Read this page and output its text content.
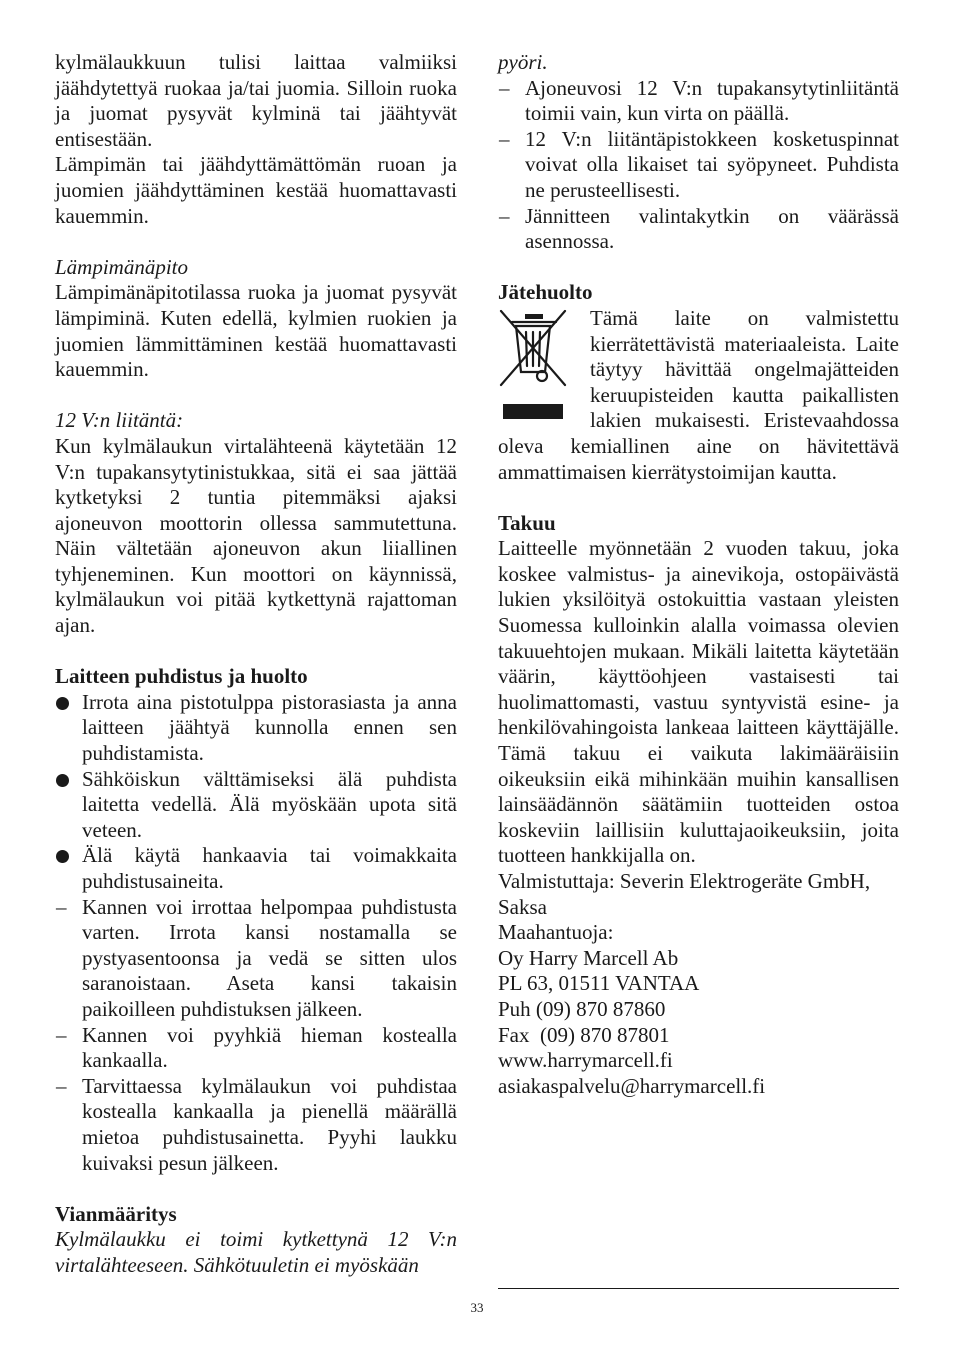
kylmälaukkuun tulisi laittaa valmiiksi jäähdytettyä ruokaa ja/tai juomia. Silloin ruoka ja juomat pysyvät kylminä tai jäähtyvät entisestään.

Lämpimän tai jäähdyttämättömän ruoan ja juomien jäähdyttäminen kestää huomattavasti kauemmin.

Lämpimänäpito

Lämpimänäpitotilassa ruoka ja juomat pysyvät lämpiminä. Kuten edellä, kylmien ruokien ja juomien lämmittäminen kestää huomattavasti kauemmin.

12 V:n liitäntä:

Kun kylmälaukun virtalähteenä käytetään 12 V:n tupakansytytinistukkaa, sitä ei saa jättää kytketyksi 2 tuntia pitemmäksi ajaksi ajoneuvon moottorin ollessa sammutettuna. Näin vältetään ajoneuvon akun liiallinen tyhjeneminen. Kun moottori on käynnissä, kylmälaukun voi pitää kytkettynä rajattoman ajan.

Laitteen puhdistus ja huolto

Irrota aina pistotulppa pistorasiasta ja anna laitteen jäähtyä kunnolla ennen sen puhdistamista.
Sähköiskun välttämiseksi älä puhdista laitetta vedellä. Älä myöskään upota sitä veteen.
Älä käytä hankaavia tai voimakkaita puhdistusaineita.
– Kannen voi irrottaa helpompaa puhdistusta varten. Irrota kansi nostamalla se pystyasentoonsa ja vedä se sitten ulos saranoistaan. Aseta kansi takaisin paikoilleen puhdistuksen jälkeen.
– Kannen voi pyyhkiä hieman kostealla kankaalla.
– Tarvittaessa kylmälaukun voi puhdistaa kostealla kankaalla ja pienellä määrällä mietoa puhdistusainetta. Pyyhi laukku kuivaksi pesun jälkeen.

Vianmääritys

Kylmälaukku ei toimi kytkettynä 12 V:n virtalähteeseen. Sähkötuuletin ei myöskään

pyöri.

– Ajoneuvosi 12 V:n tupakansytytinliitäntä toimii vain, kun virta on päällä.
– 12 V:n liitäntäpistokkeen kosketuspinnat voivat olla likaiset tai syöpyneet. Puhdista ne perusteellisesti.
– Jännitteen valintakytkin on väärässä asennossa.

Jätehuolto

Tämä laite on valmistettu kierrätettävistä materiaaleista. Laite täytyy hävittää ongelmajätteiden keruupisteiden kautta paikallisten lakien mukaisesti. Eristevaahdossa oleva kemiallinen aine on hävitettävä ammattimaisen kierrätystoimijan kautta.

Takuu

Laitteelle myönnetään 2 vuoden takuu, joka koskee valmistus- ja ainevikoja, ostopäivästä lukien yksilöityä ostokuittia vastaan yleisten Suomessa kulloinkin alalla voimassa olevien takuuehtojen mukaan. Mikäli laitetta käytetään väärin, käyttöohjeen vastaisesti tai huolimattomasti, vastuu syntyvistä esine- ja henkilövahingoista lankeaa laitteen käyttäjälle. Tämä takuu ei vaikuta lakimääräisiin oikeuksiin eikä mihinkään muihin kansallisen lainsäädännön säätämiin tuotteiden ostoa koskeviin laillisiin kuluttajaoikeuksiin, joita tuotteen hankkijalla on.

Valmistuttaja: Severin Elektrogeräte GmbH, Saksa

Maahantuoja:

Oy Harry Marcell Ab

PL 63, 01511 VANTAA

Puh (09) 870 87860

Fax  (09) 870 87801

www.harrymarcell.fi

asiakaspalvelu@harrymarcell.fi

33
